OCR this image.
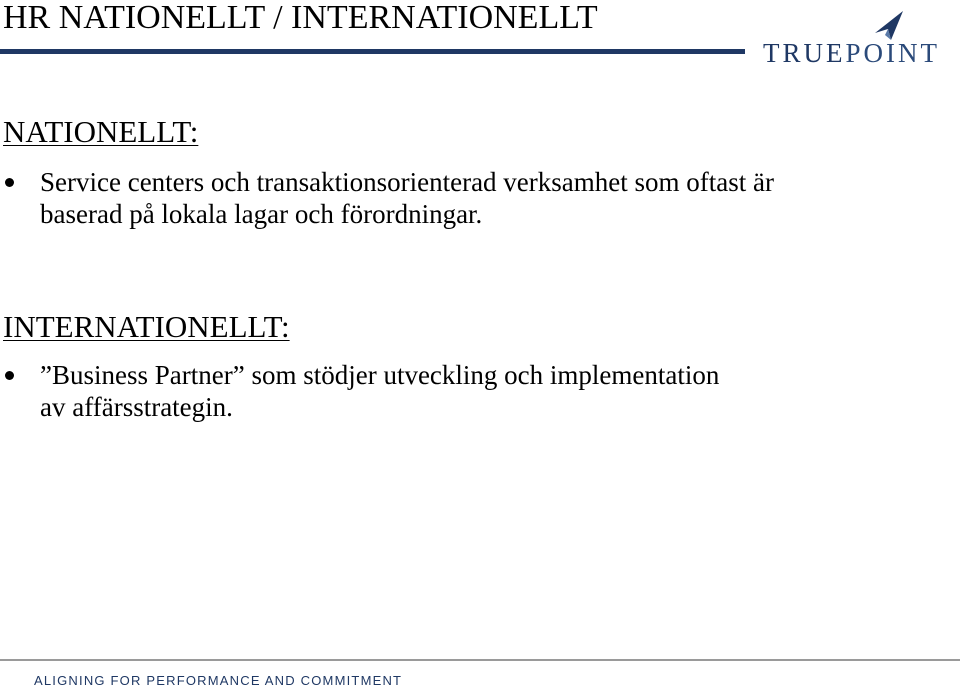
HR NATIONELLT / INTERNATIONELLT
TRUEPOINT
NATIONELLT:
Service centers och transaktionsorienterad verksamhet som oftast är baserad på lokala lagar och förordningar.
INTERNATIONELLT:
”Business Partner” som stödjer utveckling och implementation av affärsstrategin.
ALIGNING FOR PERFORMANCE AND COMMITMENT
